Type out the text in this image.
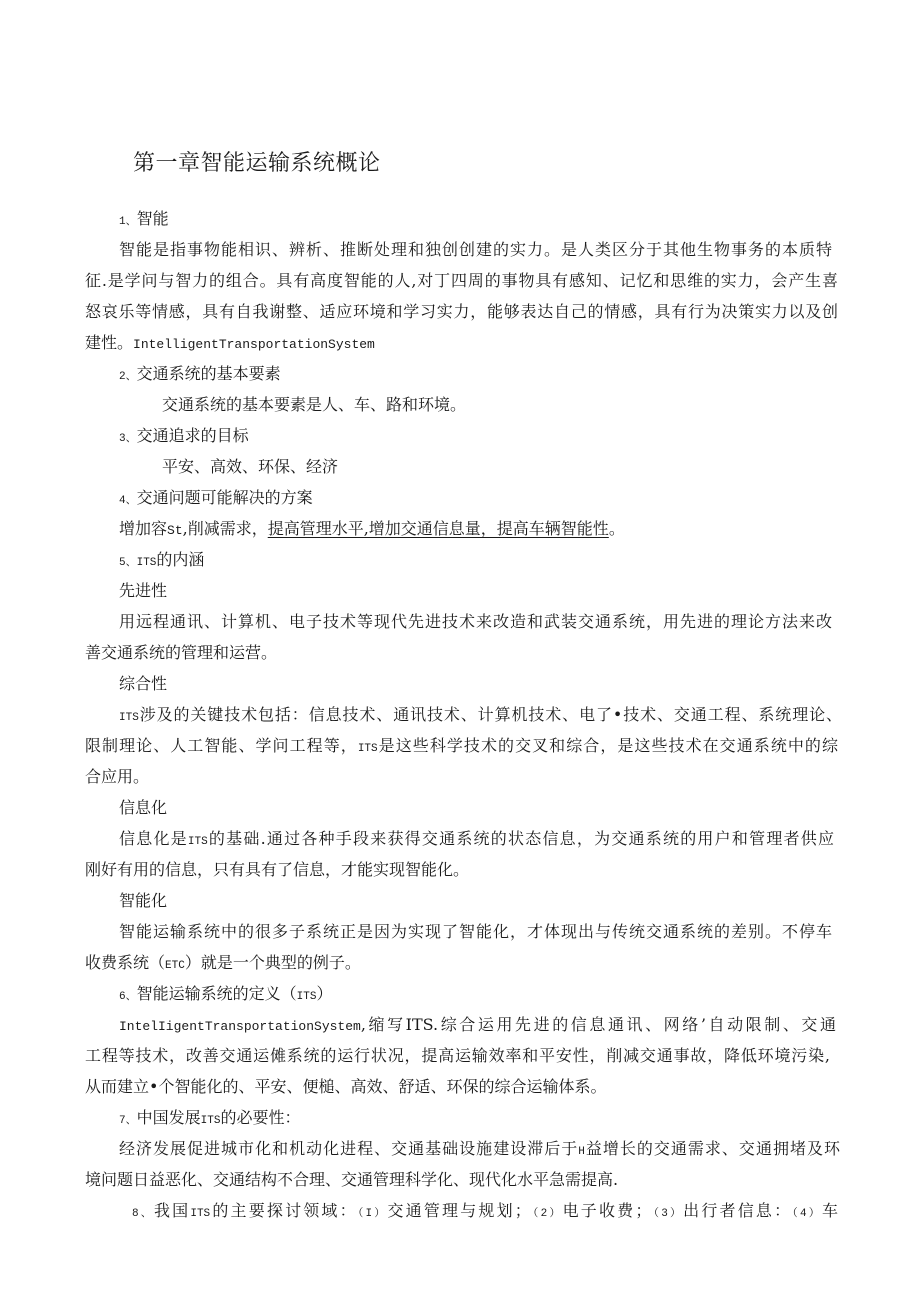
第一章智能运输系统概论
1、智能
智能是指事物能相识、辨析、推断处理和独创创建的实力。是人类区分于其他生物事务的本质特
征.是学问与智力的组合。具有高度智能的人,对丁四周的事物具有感知、记忆和思维的实力，会产生喜
怒哀乐等情感，具有自我谢整、适应环境和学习实力，能够表达自己的情感，具有行为决策实力以及创
建性。IntelligentTransportationSystem
2、交通系统的基本要素
交通系统的基本要素是人、车、路和环境。
3、交通追求的目标
平安、高效、环保、经济
4、交通问题可能解决的方案
增加容St,削减需求，提高管理水平,增加交通信息量，提高车辆智能性。
5、ITS的内涵
先进性
用远程通讯、计算机、电子技术等现代先进技术来改造和武装交通系统，用先进的理论方法来改
善交通系统的管理和运营。
综合性
ITS涉及的关键技术包括：信息技术、通讯技术、计算机技术、电了•技术、交通工程、系统理论、
限制理论、人工智能、学问工程等，ITS是这些科学技术的交叉和综合，是这些技术在交通系统中的综
合应用。
信息化
信息化是ITS的基础.通过各种手段来获得交通系统的状态信息，为交通系统的用户和管理者供应
刚好有用的信息，只有具有了信息，才能实现智能化。
智能化
智能运输系统中的很多子系统正是因为实现了智能化，才体现出与传统交通系统的差别。不停车
收费系统（ETC）就是一个典型的例子。
6、智能运输系统的定义（ITS）
IntelIigentTransportationSystem,缩写ITS.综合运用先进的信息通讯、网络’自动限制、交通
工程等技术，改善交通运傩系统的运行状况，提高运输效率和平安性，削减交通事故，降低环境污染,
从而建立•个智能化的、平安、便槌、高效、舒适、环保的综合运输体系。
7、中国发展ITS的必要性：
经济发展促进城市化和机动化进程、交通基础设施建设滞后于H益增长的交通需求、交通拥堵及环
境问题日益恶化、交通结构不合理、交通管理科学化、现代化水平急需提高.
8、我国ITS的主要探讨领域：（I）交通管理与规划；（2）电子收费；（3）出行者信息：（4）车
